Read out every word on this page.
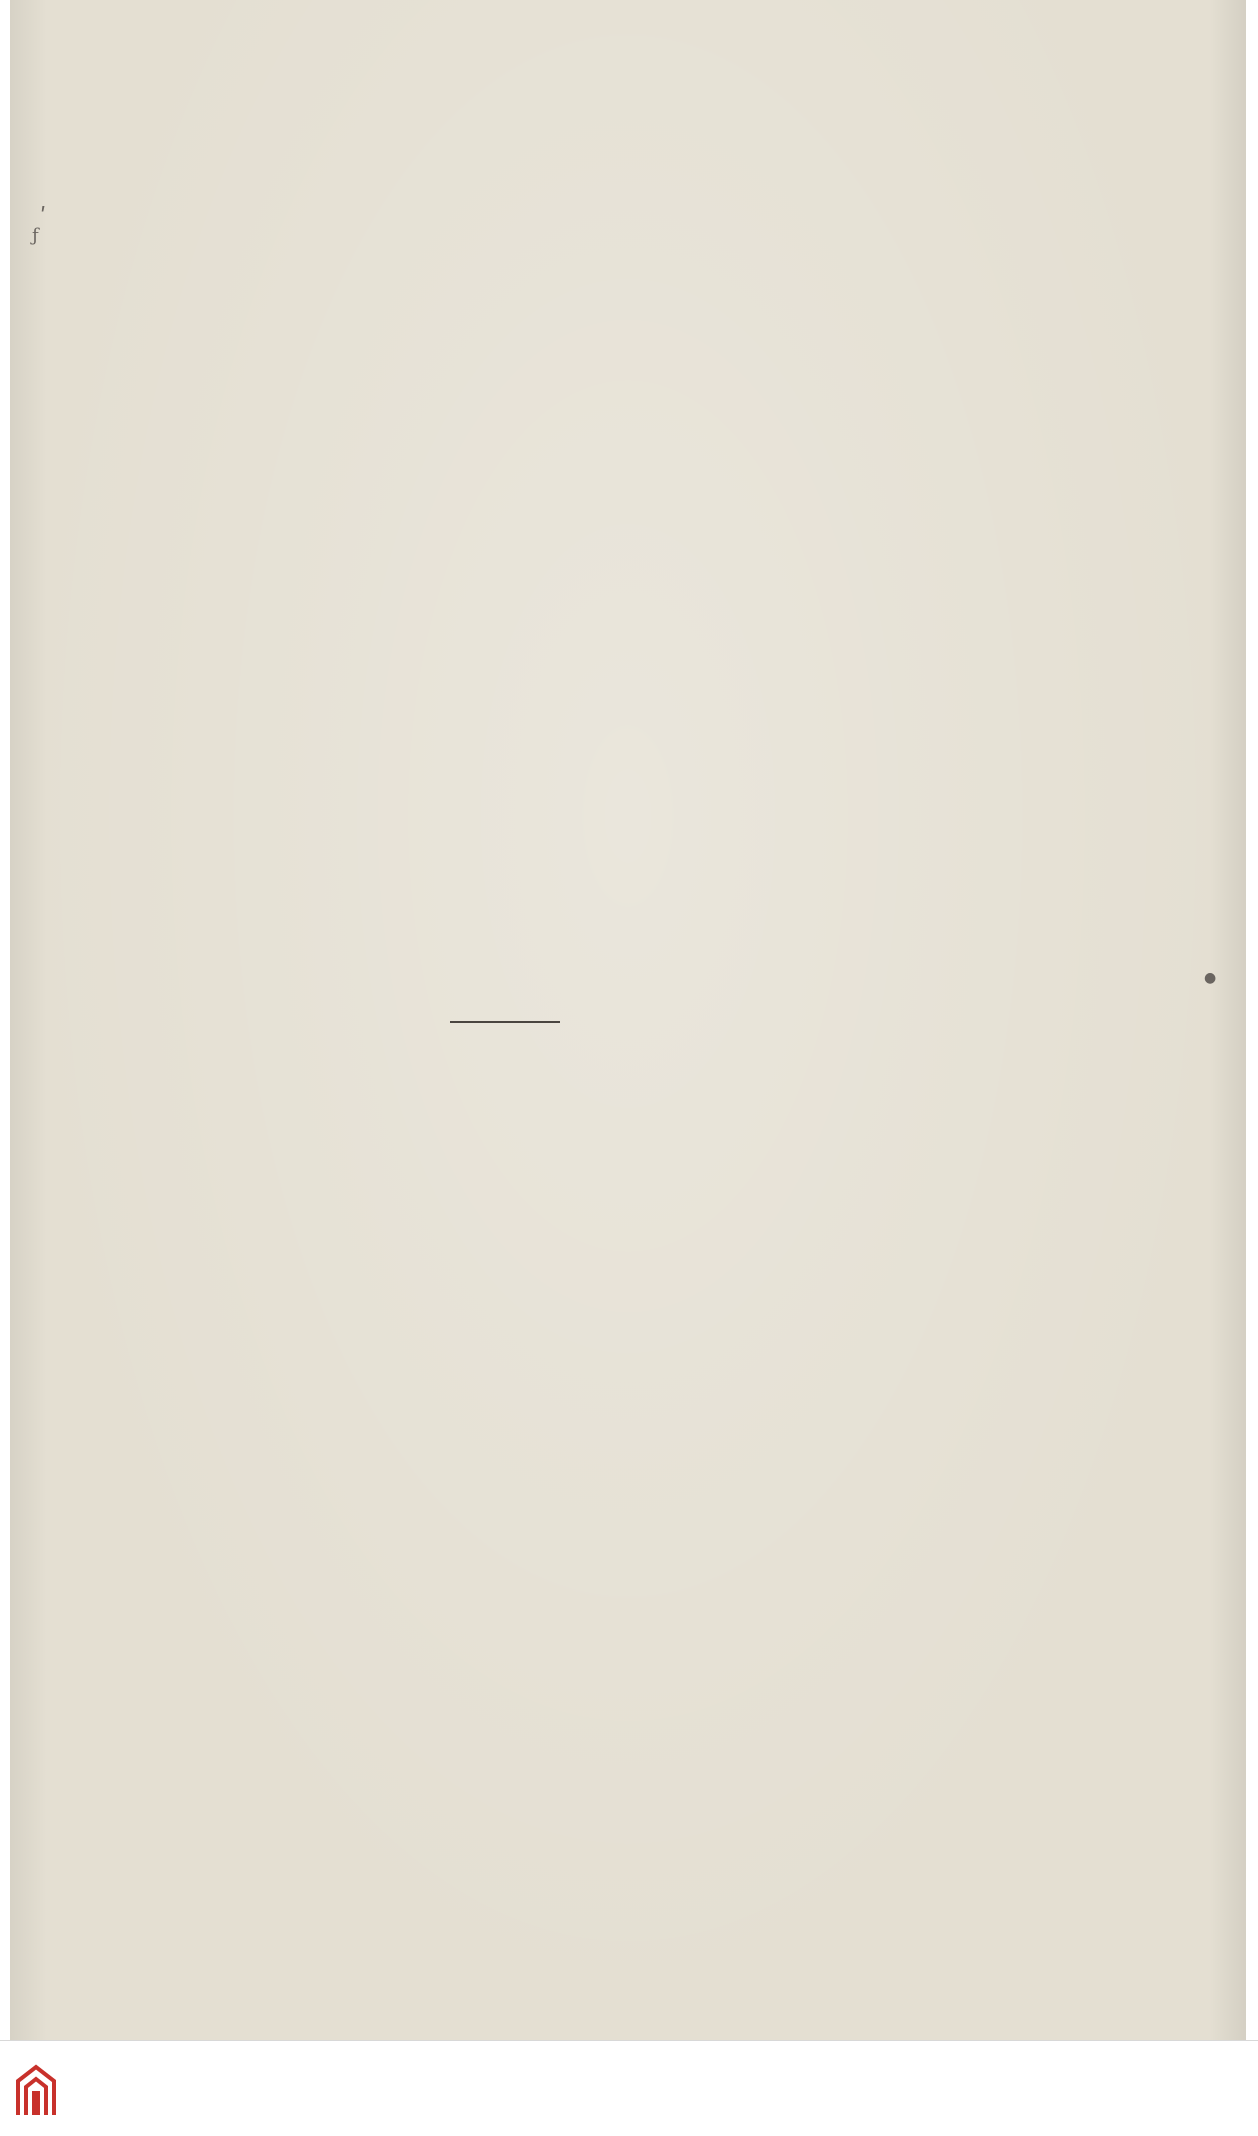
ʹ
ƒ
●
